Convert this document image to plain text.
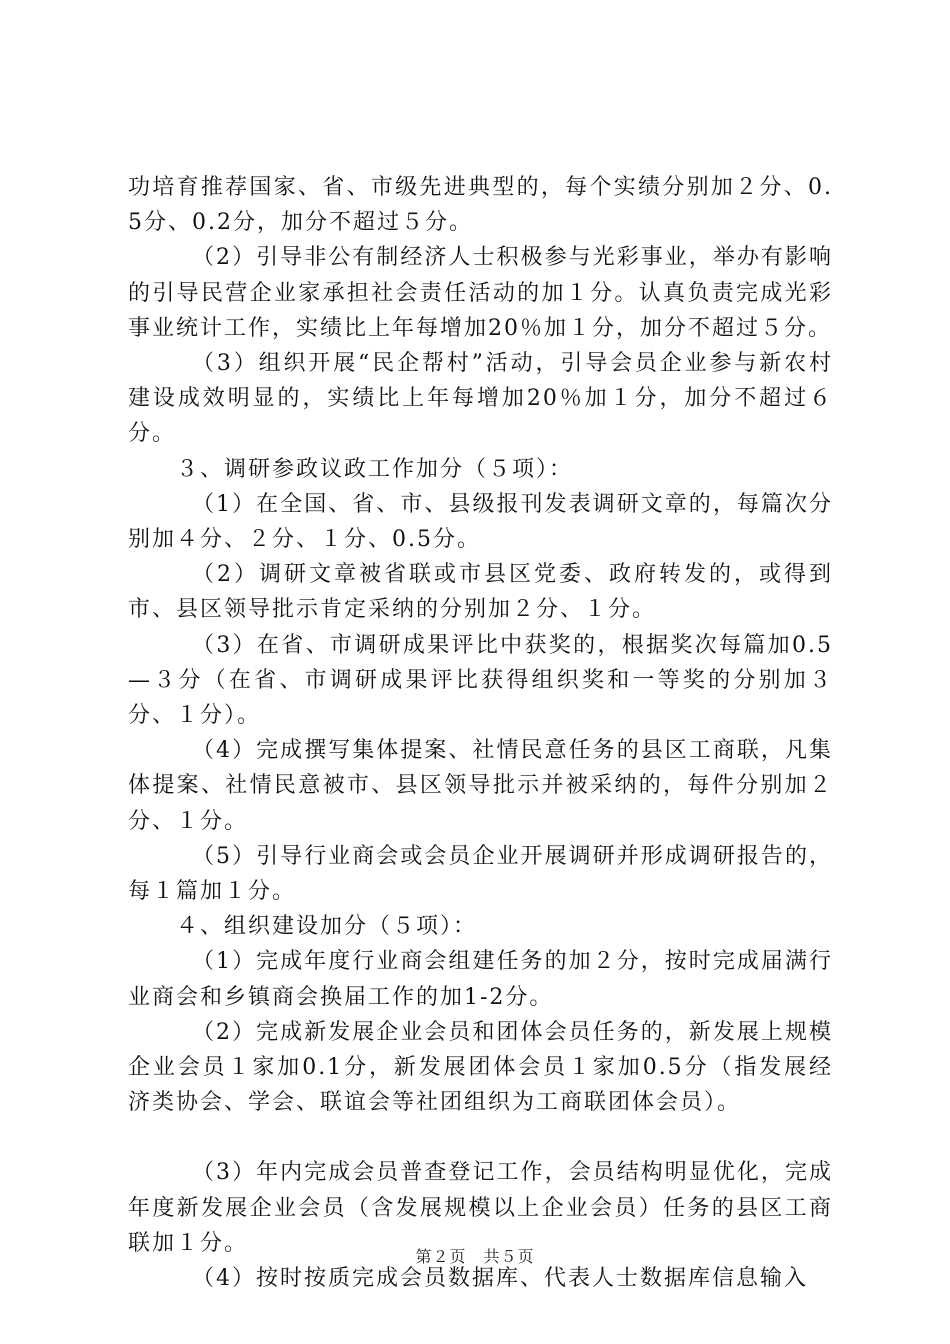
功培育推荐国家、省、市级先进典型的，每个实绩分别加２分、0.5分、0.2分，加分不超过５分。

（2）引导非公有制经济人士积极参与光彩事业，举办有影响的引导民营企业家承担社会责任活动的加１分。认真负责完成光彩事业统计工作，实绩比上年每增加20％加１分，加分不超过５分。

（3）组织开展“民企帮村”活动，引导会员企业参与新农村建设成效明显的，实绩比上年每增加20％加１分，加分不超过６分。

３、调研参政议政工作加分（５项）：

（1）在全国、省、市、县级报刊发表调研文章的，每篇次分别加４分、２分、１分、0.5分。

（2）调研文章被省联或市县区党委、政府转发的，或得到市、县区领导批示肯定采纳的分别加２分、１分。

（3）在省、市调研成果评比中获奖的，根据奖次每篇加0.5—３分（在省、市调研成果评比获得组织奖和一等奖的分别加３分、１分）。

（4）完成撰写集体提案、社情民意任务的县区工商联，凡集体提案、社情民意被市、县区领导批示并被采纳的，每件分别加２分、１分。

（5）引导行业商会或会员企业开展调研并形成调研报告的，每１篇加１分。

４、组织建设加分（５项）：

（1）完成年度行业商会组建任务的加２分，按时完成届满行业商会和乡镇商会换届工作的加1-2分。

（2）完成新发展企业会员和团体会员任务的，新发展上规模企业会员１家加0.1分，新发展团体会员１家加0.5分（指发展经济类协会、学会、联谊会等社团组织为工商联团体会员）。

（3）年内完成会员普查登记工作，会员结构明显优化，完成年度新发展企业会员（含发展规模以上企业会员）任务的县区工商联加１分。

（4）按时按质完成会员数据库、代表人士数据库信息输入

第２页　共５页
